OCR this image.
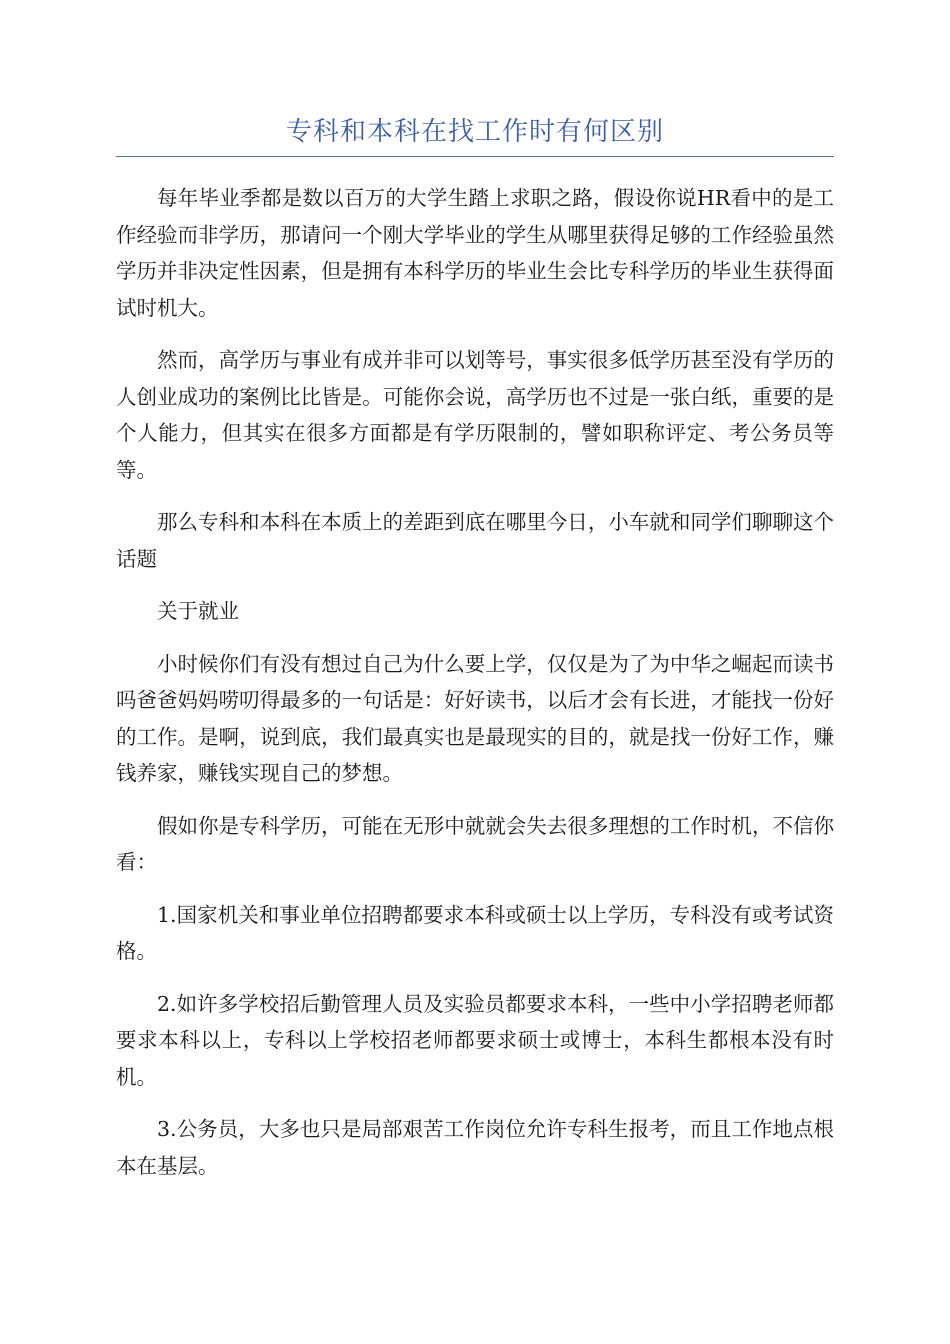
专科和本科在找工作时有何区别

每年毕业季都是数以百万的大学生踏上求职之路，假设你说HR看中的是工作经验而非学历，那请问一个刚大学毕业的学生从哪里获得足够的工作经验虽然学历并非决定性因素，但是拥有本科学历的毕业生会比专科学历的毕业生获得面试时机大。

然而，高学历与事业有成并非可以划等号，事实很多低学历甚至没有学历的人创业成功的案例比比皆是。可能你会说，高学历也不过是一张白纸，重要的是个人能力，但其实在很多方面都是有学历限制的，譬如职称评定、考公务员等等。

那么专科和本科在本质上的差距到底在哪里今日，小车就和同学们聊聊这个话题

关于就业

小时候你们有没有想过自己为什么要上学，仅仅是为了为中华之崛起而读书吗爸爸妈妈唠叨得最多的一句话是：好好读书，以后才会有长进，才能找一份好的工作。是啊，说到底，我们最真实也是最现实的目的，就是找一份好工作，赚钱养家，赚钱实现自己的梦想。

假如你是专科学历，可能在无形中就就会失去很多理想的工作时机，不信你看：

1.国家机关和事业单位招聘都要求本科或硕士以上学历，专科没有或考试资格。

2.如许多学校招后勤管理人员及实验员都要求本科，一些中小学招聘老师都要求本科以上，专科以上学校招老师都要求硕士或博士，本科生都根本没有时机。

3.公务员，大多也只是局部艰苦工作岗位允许专科生报考，而且工作地点根本在基层。
